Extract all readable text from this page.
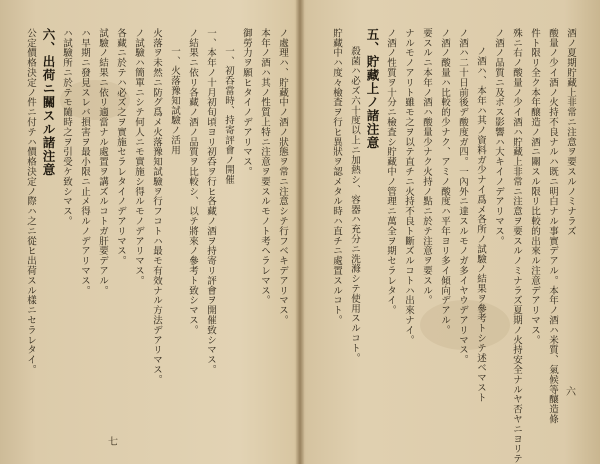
酒ノ夏期貯藏上非常ニ注意ヲ要スルノミナラズ
酸量ノ少イ酒ノ火持不良ナルハ既ニ明白ナル事實デアル。本年ノ酒ハ米質、氣候等釀造條
件ト限リ全ク本年醸造ノ酒ニ關スル限リ比較的出來ル注意デアリマス。
殊ニ右ノ酸量ノ少イ酒ハ貯藏上非常ニ注意ヲ要スルノミナラズ夏期ノ火持安全ナルヤ否ヤニヨリテ
ノ酒ノ品質ニ及ボス影響ハ大キイノデアリマス。
ノ酒ハ、本年ハ其ノ資料ガ少ナイ爲メ各所ノ試驗ノ結果ヲ參考トシテ述ベマスト
ノ酒ハ二十日前後デ酸度ガ四。一內外ニ達スルモノガ多イヤウデアリマス。
ノ酒ノ酸量ハ比較的少ナク、アミノ酸度ハ平年ヨリ多イ傾向デアル。
要スルニ本年ノ酒ハ酸量少ナク火持ノ點ニ於テ注意ヲ要スル。
ナルモノアリト雖モ之ヲ以テ直チニ火持不良ト斷ズルコトハ出來ナイ。
ノ酒ノ性質ヲ十分ニ檢査シ貯藏中ノ管理ニ萬全ヲ期セラレタイ。
五、貯藏上ノ諸注意
殺菌ハ必ズ六十度以上ニ加熱シ、容器ハ充分ニ洗滌シテ使用スルコト。
貯藏中ハ度々檢査ヲ行ヒ異狀ヲ認メタル時ハ直チニ處置スルコト。
ノ處理ハ、貯藏中ノ酒ノ狀態ヲ常ニ注意シテ行フベキデアリマス。
本年ノ酒ハ其ノ性質上特ニ注意ヲ要スルモノト考ヘラレマス。
御勞力ヲ願ヒタイノデアリマス。
一、初呑當時、持寄評會ノ開催
一、本年ノ十月初旬頃ヨリ初呑ヲ行ヒ各藏ノ酒ヲ持寄リ評會ヲ開催致シマス。
ノ結果ニ依リ各藏ノ酒ノ品質ヲ比較シ、以テ將來ノ參考ト致シマス。
一、火落豫知試驗ノ活用
火落ヲ未然ニ防グ爲メ火落豫知試驗ヲ行フコトハ最モ有效ナル方法デアリマス。
ノ試驗ハ簡單ニシテ何人ニモ實施シ得ルモノデアリマス。
各藏ニ於テハ必ズ之ヲ實施セラレタイノデアリマス。
試驗ノ結果ニ依リ適當ナル處置ヲ講ズルコトガ肝要デアル。
ハ早期ニ發見スレバ損害ヲ最小限ニ止メ得ルノデアリマス。
ハ試驗所ニ於テモ隨時之ヲ引受ケ致シマス。
六、出荷ニ關スル諸注意
公定價格決定ノ件ニ付テハ價格決定ノ際ハ之ニ從ヒ出荷スル樣ニセラレタイ。
六
七
